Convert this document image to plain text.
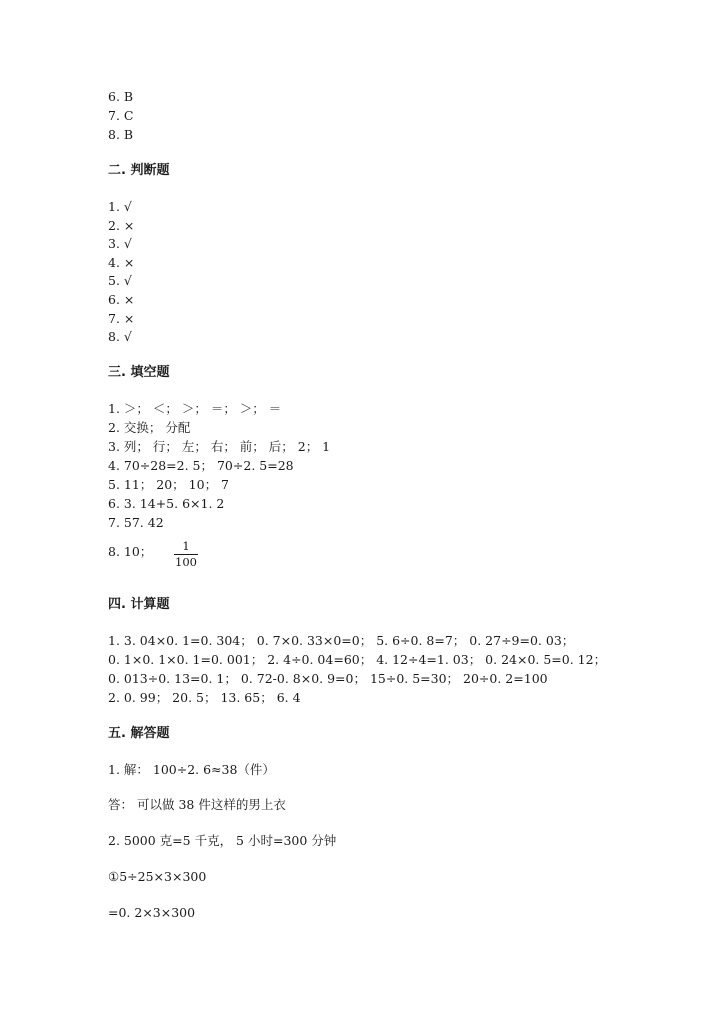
6. B
7. C
8. B
二. 判断题
1. √
2. ×
3. √
4. ×
5. √
6. ×
7. ×
8. √
三. 填空题
1. ＞； ＜； ＞； ＝； ＞； ＝
2. 交换； 分配
3. 列； 行； 左； 右； 前； 后； 2； 1
4. 70÷28=2. 5； 70÷2. 5=28
5. 11； 20； 10； 7
6. 3. 14+5. 6×1. 2
7. 57. 42
8. 10；	1
100
四. 计算题
1. 3. 04×0. 1=0. 304； 0. 7×0. 33×0=0； 5. 6÷0. 8=7； 0. 27÷9=0. 03；
0. 1×0. 1×0. 1=0. 001； 2. 4÷0. 04=60； 4. 12÷4=1. 03； 0. 24×0. 5=0. 12；
0. 013÷0. 13=0. 1； 0. 72-0. 8×0. 9=0； 15÷0. 5=30； 20÷0. 2=100
2. 0. 99； 20. 5； 13. 65； 6. 4
五. 解答题
1. 解： 100÷2. 6≈38（件）
答： 可以做 38 件这样的男上衣
2. 5000 克=5 千克， 5 小时=300 分钟
①5÷25×3×300
=0. 2×3×300
